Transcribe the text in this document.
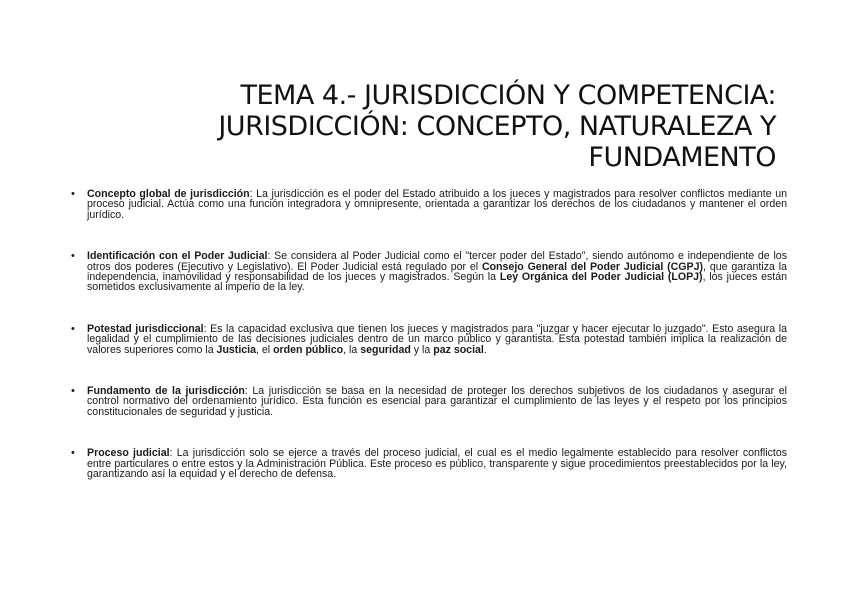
TEMA 4.- JURISDICCIÓN Y COMPETENCIA:
JURISDICCIÓN: CONCEPTO, NATURALEZA Y
FUNDAMENTO
• Concepto global de jurisdicción: La jurisdicción es el poder del Estado atribuido a los jueces y magistrados para resolver conflictos mediante un proceso judicial. Actúa como una función integradora y omnipresente, orientada a garantizar los derechos de los ciudadanos y mantener el orden jurídico.
• Identificación con el Poder Judicial: Se considera al Poder Judicial como el "tercer poder del Estado", siendo autónomo e independiente de los otros dos poderes (Ejecutivo y Legislativo). El Poder Judicial está regulado por el Consejo General del Poder Judicial (CGPJ), que garantiza la independencia, inamovilidad y responsabilidad de los jueces y magistrados. Según la Ley Orgánica del Poder Judicial (LOPJ), los jueces están sometidos exclusivamente al imperio de la ley.
• Potestad jurisdiccional: Es la capacidad exclusiva que tienen los jueces y magistrados para "juzgar y hacer ejecutar lo juzgado". Esto asegura la legalidad y el cumplimiento de las decisiones judiciales dentro de un marco público y garantista. Esta potestad también implica la realización de valores superiores como la Justicia, el orden público, la seguridad y la paz social.
• Fundamento de la jurisdicción: La jurisdicción se basa en la necesidad de proteger los derechos subjetivos de los ciudadanos y asegurar el control normativo del ordenamiento jurídico. Esta función es esencial para garantizar el cumplimiento de las leyes y el respeto por los principios constitucionales de seguridad y justicia.
• Proceso judicial: La jurisdicción solo se ejerce a través del proceso judicial, el cual es el medio legalmente establecido para resolver conflictos entre particulares o entre estos y la Administración Pública. Este proceso es público, transparente y sigue procedimientos preestablecidos por la ley, garantizando así la equidad y el derecho de defensa.
